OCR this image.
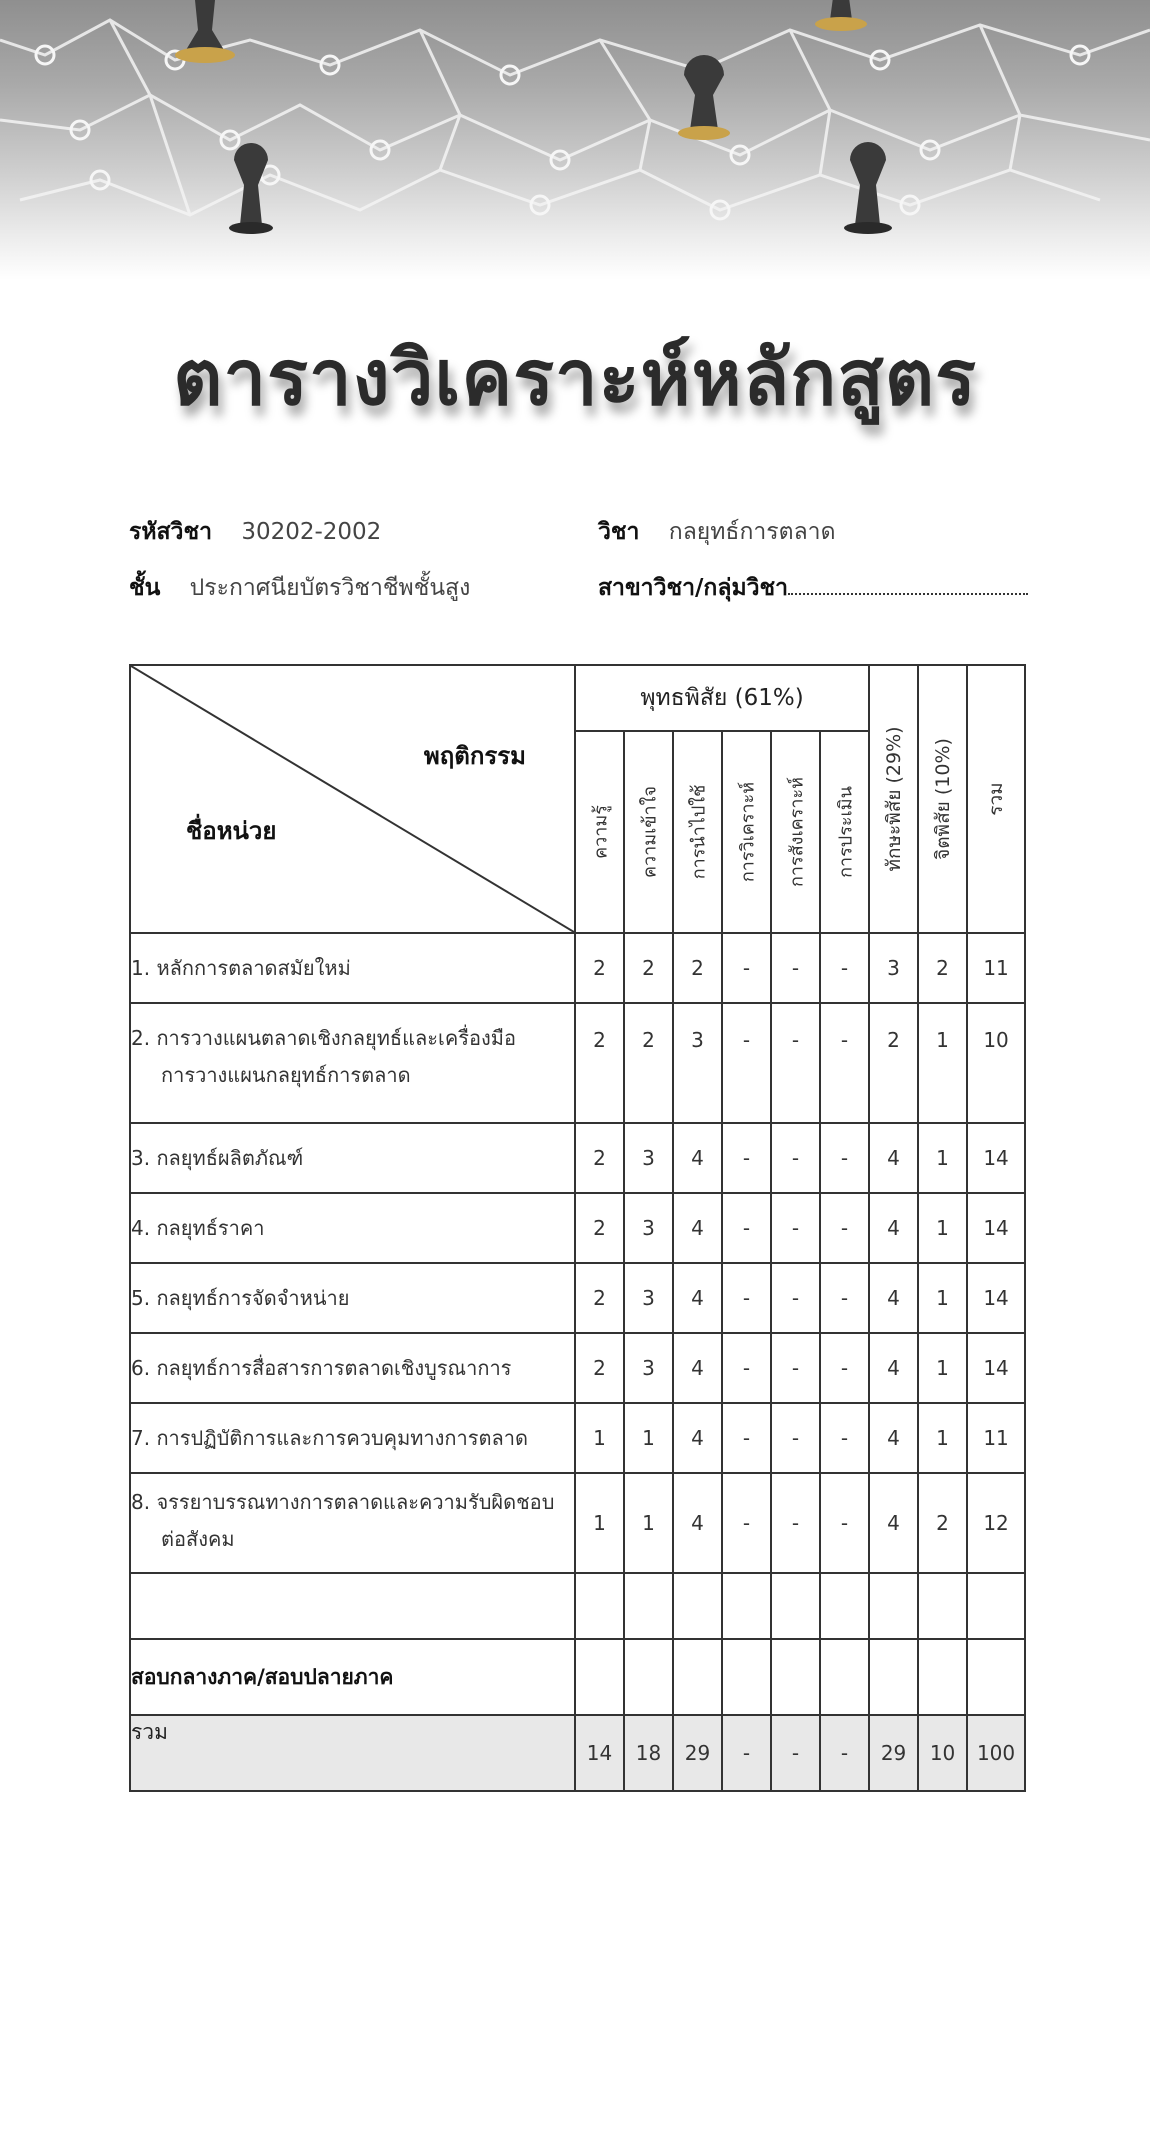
ตารางวิเคราะห์หลักสูตร
รหัสวิชา 30202-2002	วิชา กลยุทธ์การตลาด
ชั้น ประกาศนียบัตรวิชาชีพชั้นสูง	สาขาวิชา/กลุ่มวิชา
พฤติกรรม
ชื่อหน่วย	พุทธพิสัย (61%)						ทักษะพิสัย (29%)	จิตพิสัย (10%)	รวม

	ความรู้	ความเข้าใจ	การนำไปใช้	การวิเคราะห์	การสังเคราะห์	การประเมิน			

1. หลักการตลาดสมัยใหม่	2	2	2	-	-	-	3	2	11
2. การวางแผนตลาดเชิงกลยุทธ์และเครื่องมือ
การวางแผนกลยุทธ์การตลาด	2	2	3	-	-	-	2	1	10
3. กลยุทธ์ผลิตภัณฑ์	2	3	4	-	-	-	4	1	14
4. กลยุทธ์ราคา	2	3	4	-	-	-	4	1	14
5. กลยุทธ์การจัดจำหน่าย	2	3	4	-	-	-	4	1	14
6. กลยุทธ์การสื่อสารการตลาดเชิงบูรณาการ	2	3	4	-	-	-	4	1	14
7. การปฏิบัติการและการควบคุมทางการตลาด	1	1	4	-	-	-	4	1	11
8. จรรยาบรรณทางการตลาดและความรับผิดชอบ
ต่อสังคม	1	1	4	-	-	-	4	2	12

สอบกลางภาค/สอบปลายภาค									
รวม	14	18	29	-	-	-	29	10	100
